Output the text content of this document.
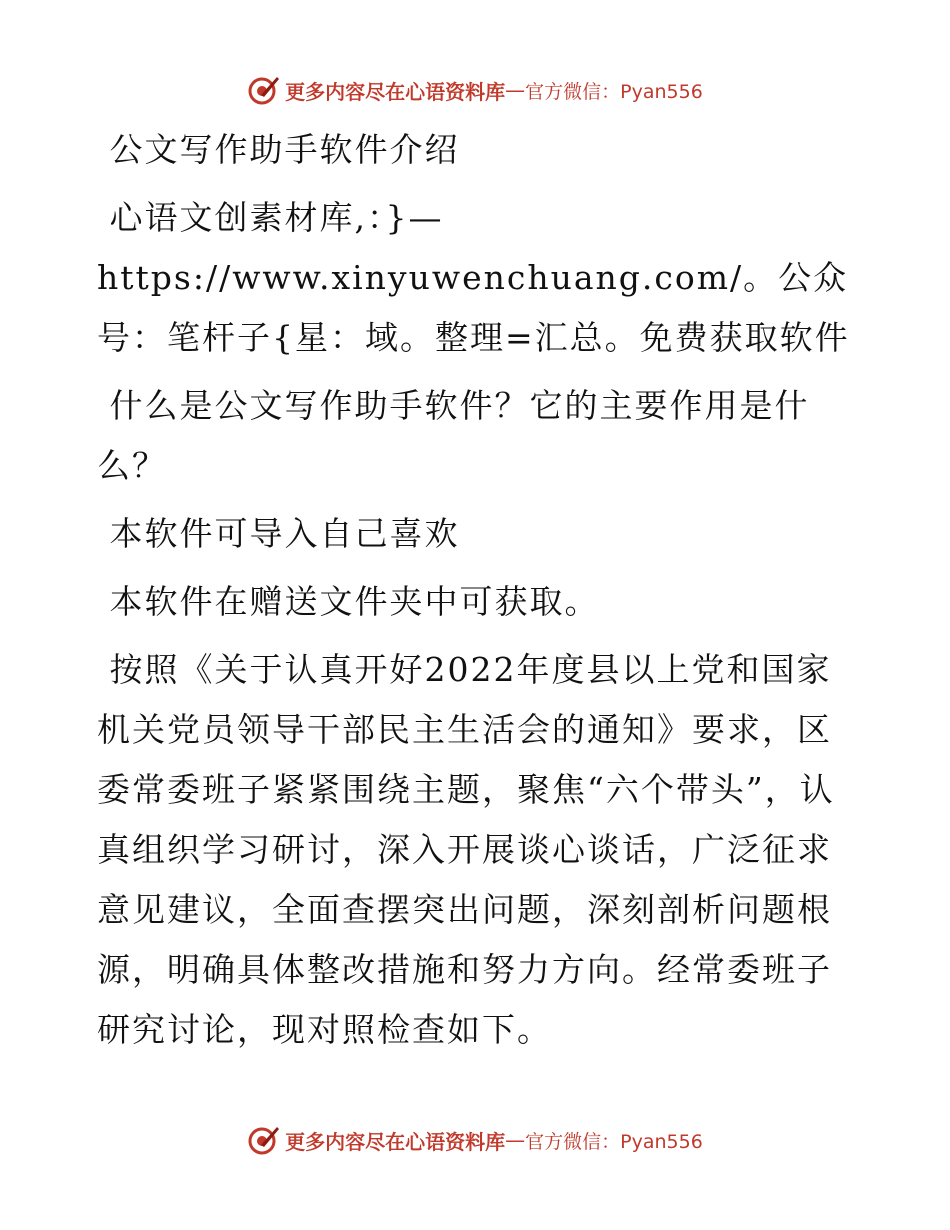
更多内容尽在心语资料库 — 官方微信：Pyan556

公文写作助手软件介绍

心语文创素材库,：}—https://www.xinyuwenchuang.com/。公众号：笔杆子{星：域。整理=汇总。免费获取软件

什么是公文写作助手软件？它的主要作用是什么？

本软件可导入自己喜欢

本软件在赠送文件夹中可获取。

按照《关于认真开好2022年度县以上党和国家机关党员领导干部民主生活会的通知》要求，区委常委班子紧紧围绕主题，聚焦“六个带头”，认真组织学习研讨，深入开展谈心谈话，广泛征求意见建议，全面查摆突出问题，深刻剖析问题根源，明确具体整改措施和努力方向。经常委班子研究讨论，现对照检查如下。

更多内容尽在心语资料库 — 官方微信：Pyan556
